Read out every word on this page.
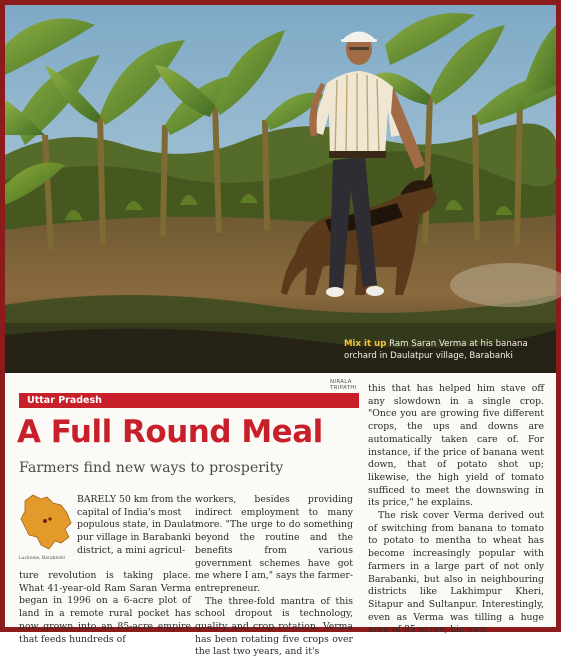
Mix it up Ram Saran Verma at his banana orchard in Daulatpur village, Barabanki
NIRALA TRIPATHI
Uttar Pradesh
A Full Round Meal
Farmers find new ways to prosperity
Lucknow, Barabanki
BARELY 50 km from the
capital of India's most
populous state, in Daulat-
pur village in Barabanki
district, a mini agricul-

ture revolution is taking place. What 41-year-old Ram Saran Verma began in 1996 on a 6-acre plot of land in a remote rural pocket has now grown into an 85-acre empire that feeds hundreds of

workers, besides providing indirect employment to many more. "The urge to do something beyond the routine and the benefits from various government schemes have got me where I am," says the farmer-entrepreneur.

The three-fold mantra of this school dropout is technology, quality and crop rotation. Verma has been rotating five crops over the last two years, and it's

this that has helped him stave off any slowdown in a single crop. "Once you are growing five different crops, the ups and downs are automatically taken care of. For instance, if the price of banana went down, that of potato shot up; likewise, the high yield of tomato sufficed to meet the downswing in its price," he explains.

The risk cover Verma derived out of switching from banana to tomato to potato to mentha to wheat has become increasingly popular with farmers in a large part of not only Barabanki, but also in neighbouring districts like Lakhimpur Kheri, Sitapur and Sultanpur. Interestingly, even as Verma was tilling a huge area of 85 acres, his own
